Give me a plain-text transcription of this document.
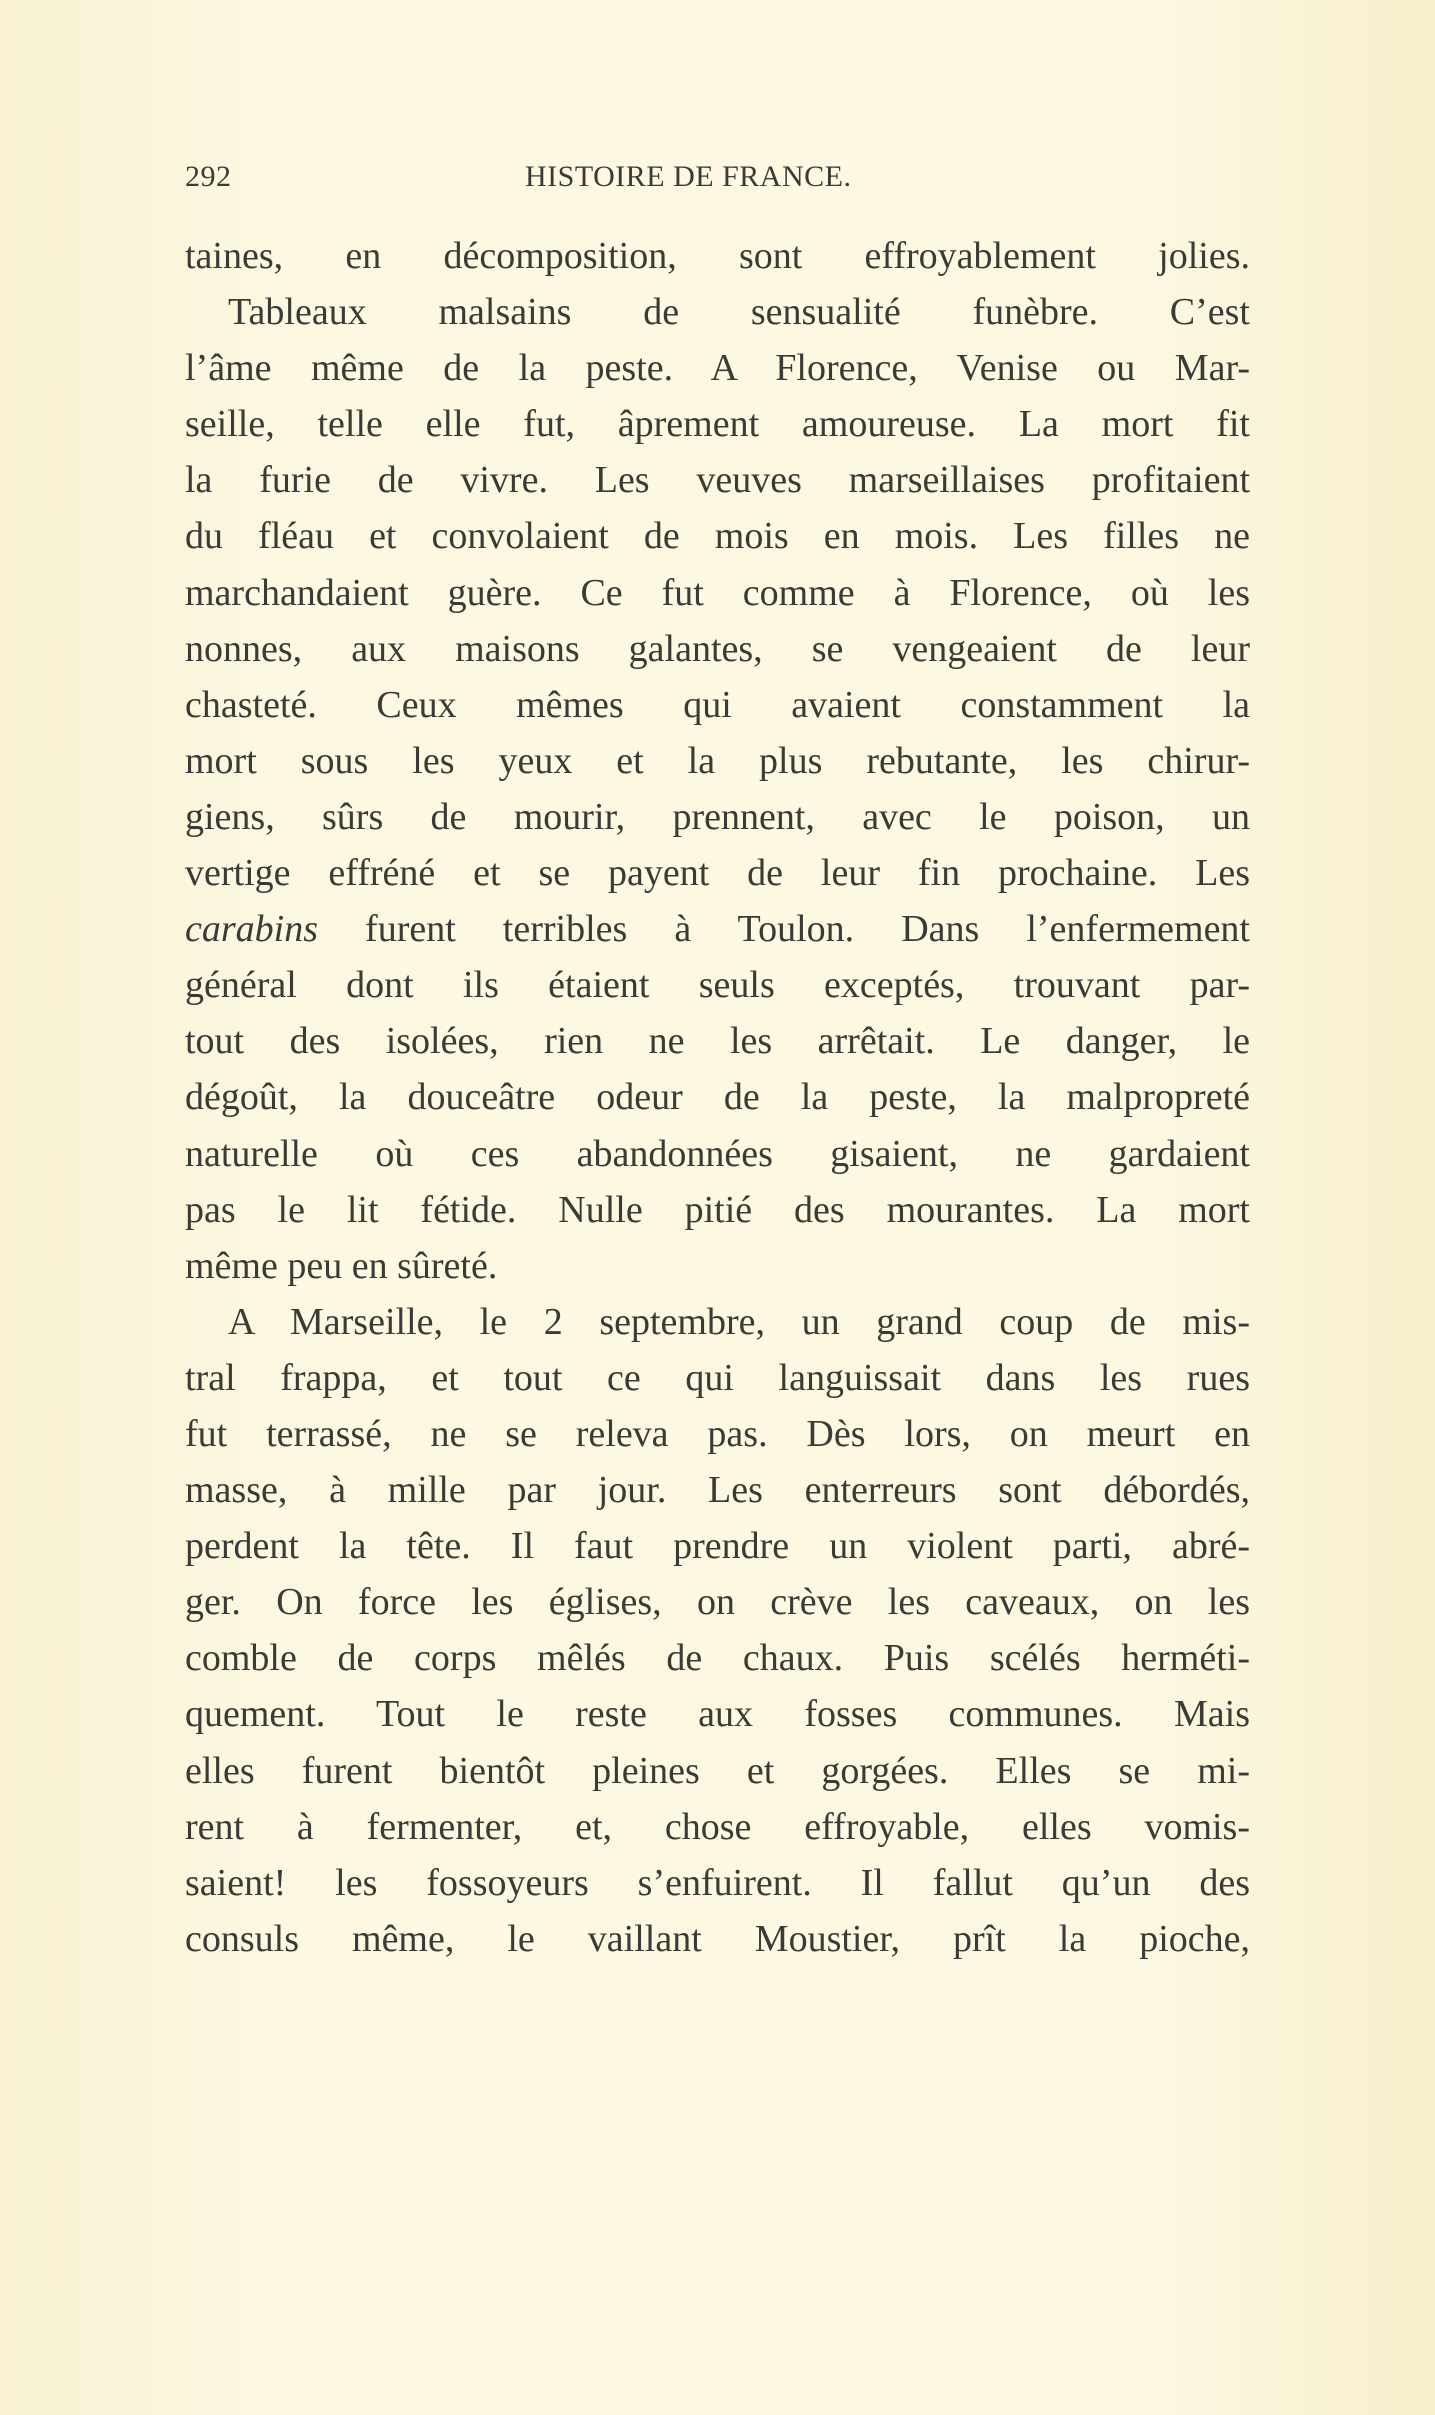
292	HISTOIRE DE FRANCE.
taines, en décomposition, sont effroyablement jolies.
Tableaux malsains de sensualité funèbre. C’est
l’âme même de la peste. A Florence, Venise ou Mar-
seille, telle elle fut, âprement amoureuse. La mort fit
la furie de vivre. Les veuves marseillaises profitaient
du fléau et convolaient de mois en mois. Les filles ne
marchandaient guère. Ce fut comme à Florence, où les
nonnes, aux maisons galantes, se vengeaient de leur
chasteté. Ceux mêmes qui avaient constamment la
mort sous les yeux et la plus rebutante, les chirur-
giens, sûrs de mourir, prennent, avec le poison, un
vertige effréné et se payent de leur fin prochaine. Les
carabins furent terribles à Toulon. Dans l’enfermement
général dont ils étaient seuls exceptés, trouvant par-
tout des isolées, rien ne les arrêtait. Le danger, le
dégoût, la douceâtre odeur de la peste, la malpropreté
naturelle où ces abandonnées gisaient, ne gardaient
pas le lit fétide. Nulle pitié des mourantes. La mort
même peu en sûreté.
A Marseille, le 2 septembre, un grand coup de mis-
tral frappa, et tout ce qui languissait dans les rues
fut terrassé, ne se releva pas. Dès lors, on meurt en
masse, à mille par jour. Les enterreurs sont débordés,
perdent la tête. Il faut prendre un violent parti, abré-
ger. On force les églises, on crève les caveaux, on les
comble de corps mêlés de chaux. Puis scélés herméti-
quement. Tout le reste aux fosses communes. Mais
elles furent bientôt pleines et gorgées. Elles se mi-
rent à fermenter, et, chose effroyable, elles vomis-
saient! les fossoyeurs s’enfuirent. Il fallut qu’un des
consuls même, le vaillant Moustier, prît la pioche,
